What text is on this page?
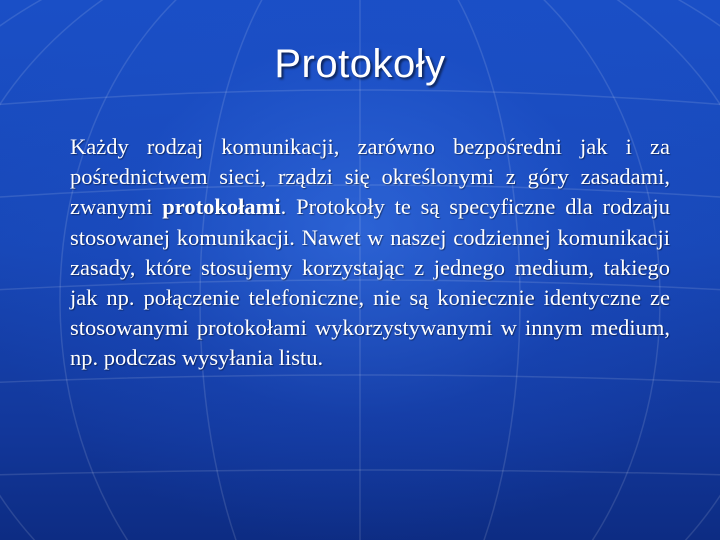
Protokoły
Każdy rodzaj komunikacji, zarówno bezpośredni jak i za pośrednictwem sieci, rządzi się określonymi z góry zasadami, zwanymi protokołami. Protokoły te są specyficzne dla rodzaju stosowanej komunikacji. Nawet w naszej codziennej komunikacji zasady, które stosujemy korzystając z jednego medium, takiego jak np. połączenie telefoniczne, nie są koniecznie identyczne ze stosowanymi protokołami wykorzystywanymi w innym medium, np. podczas wysyłania listu.
